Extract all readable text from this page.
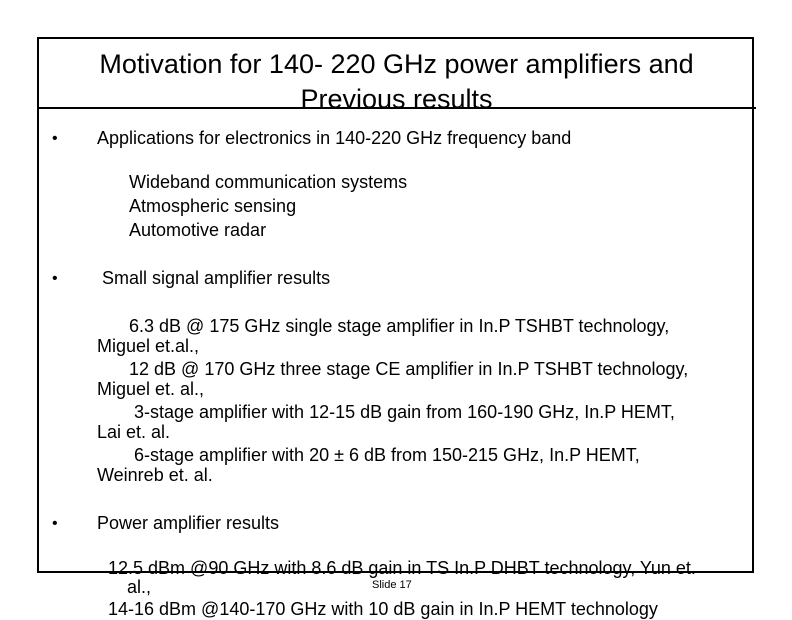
Motivation for 140- 220 GHz power amplifiers and
Previous results
• Applications for electronics in 140-220 GHz frequency band
Wideband communication systems
Atmospheric sensing
Automotive radar
• Small signal amplifier results
6.3 dB @ 175 GHz single stage amplifier in In.P TSHBT technology,
Miguel et.al.,
12 dB @ 170 GHz three stage CE amplifier in In.P TSHBT technology,
Miguel et. al.,
3-stage amplifier with 12-15 dB gain from 160-190 GHz, In.P HEMT,
Lai et. al.
6-stage amplifier with 20 ± 6 dB from 150-215 GHz, In.P HEMT,
Weinreb et. al.
• Power amplifier results
12.5 dBm @90 GHz with 8.6 dB gain in TS In.P DHBT technology, Yun et.
al.,
14-16 dBm @140-170 GHz with 10 dB gain in In.P HEMT technology
Slide 17
